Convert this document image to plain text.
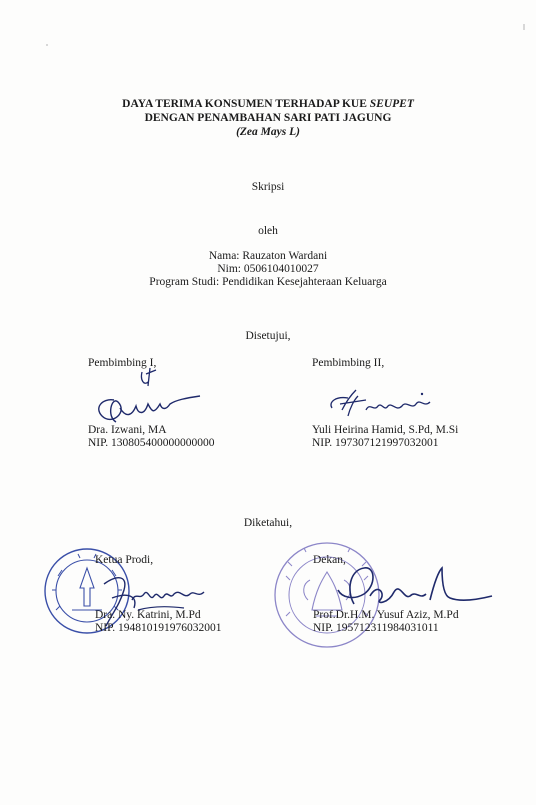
DAYA TERIMA KONSUMEN TERHADAP KUE SEUPET
DENGAN PENAMBAHAN SARI PATI JAGUNG
(Zea Mays L)
Skripsi
oleh
Nama: Rauzaton Wardani
Nim: 0506104010027
Program Studi: Pendidikan Kesejahteraan Keluarga
Disetujui,
Pembimbing I,
Dra. Izwani, MA
NIP. 130805400000000000
Pembimbing II,
Yuli Heirina Hamid, S.Pd, M.Si
NIP. 197307121997032001
Diketahui,
Ketua Prodi,
Dra. Ny. Katrini, M.Pd
NIP. 194810191976032001
Dekan,
Prof.Dr.H.M. Yusuf Aziz, M.Pd
NIP. 195712311984031011
